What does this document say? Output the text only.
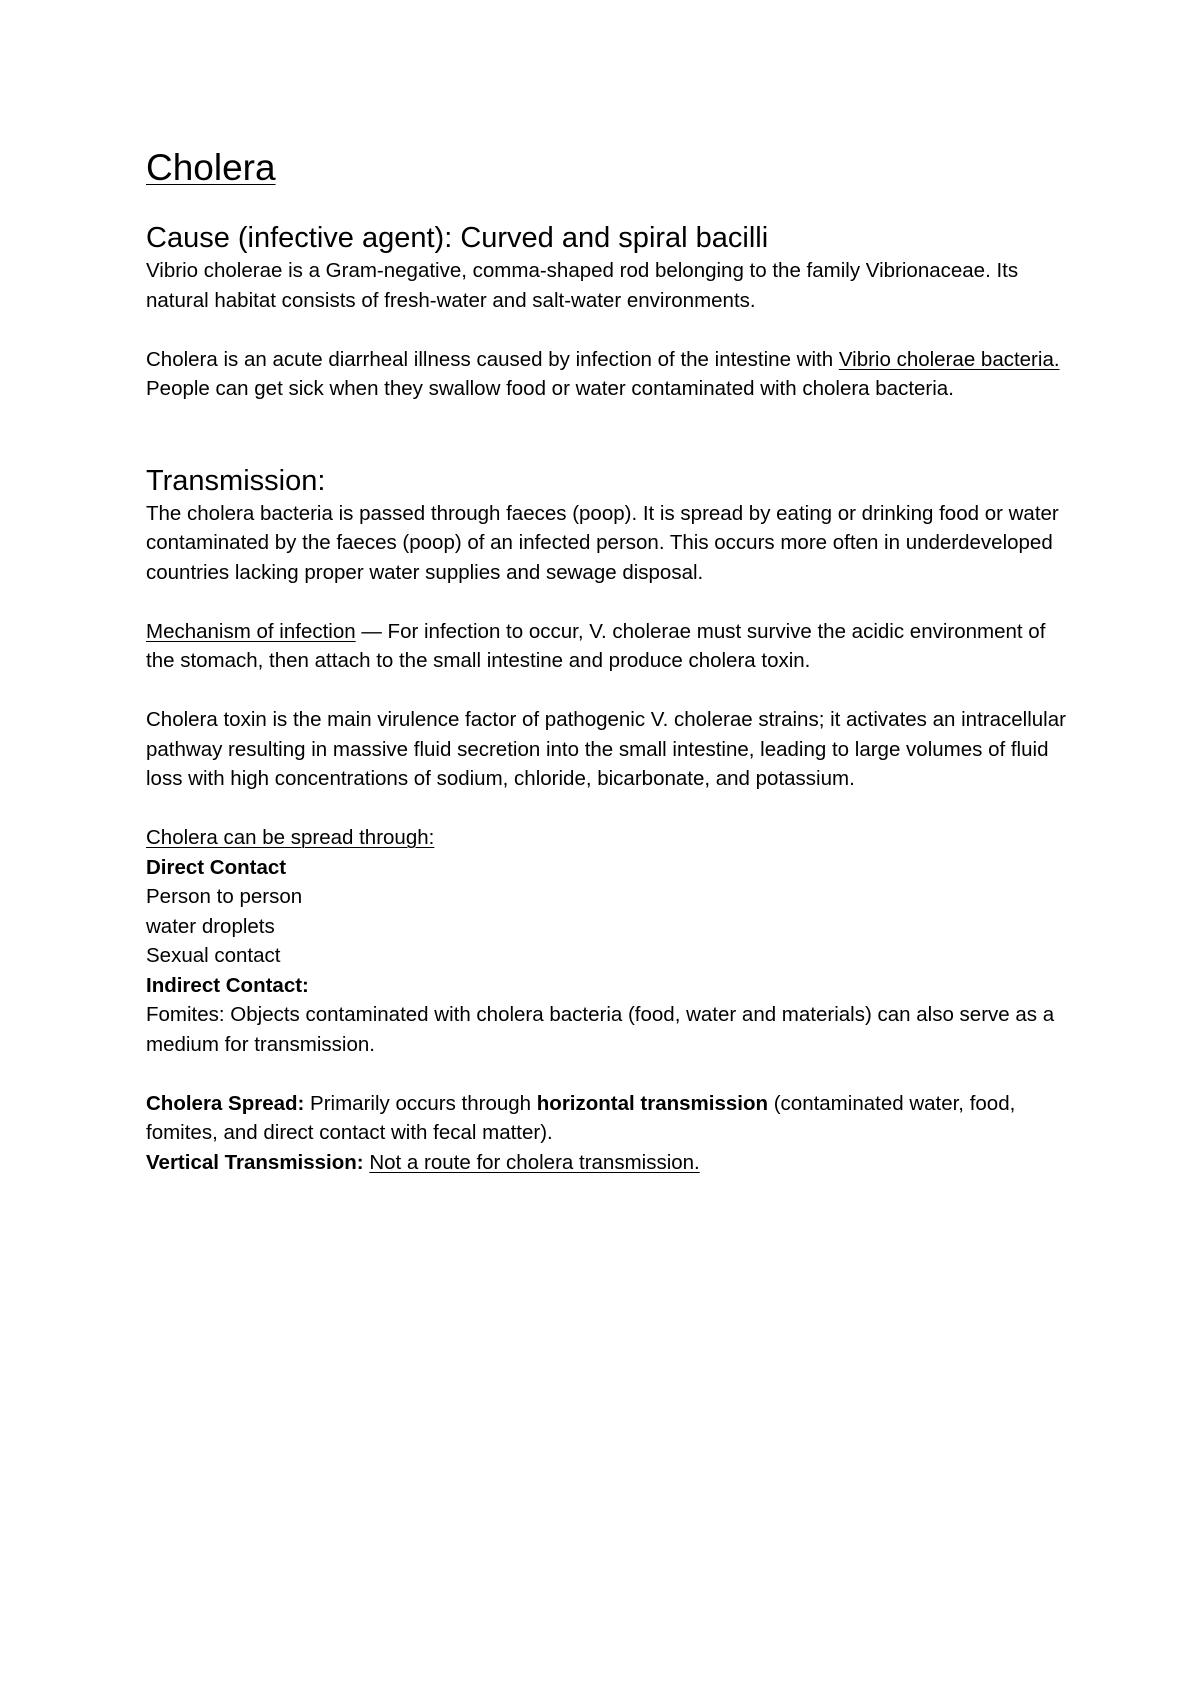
Cholera
Cause (infective agent): Curved and spiral bacilli

Vibrio cholerae is a Gram-negative, comma-shaped rod belonging to the family Vibrionaceae. Its natural habitat consists of fresh-water and salt-water environments.

Cholera is an acute diarrheal illness caused by infection of the intestine with Vibrio cholerae bacteria. People can get sick when they swallow food or water contaminated with cholera bacteria.

Transmission:

The cholera bacteria is passed through faeces (poop). It is spread by eating or drinking food or water contaminated by the faeces (poop) of an infected person. This occurs more often in underdeveloped countries lacking proper water supplies and sewage disposal.

Mechanism of infection — For infection to occur, V. cholerae must survive the acidic environment of the stomach, then attach to the small intestine and produce cholera toxin.

Cholera toxin is the main virulence factor of pathogenic V. cholerae strains; it activates an intracellular pathway resulting in massive fluid secretion into the small intestine, leading to large volumes of fluid loss with high concentrations of sodium, chloride, bicarbonate, and potassium.

Cholera can be spread through:

Direct Contact

Person to person

water droplets

Sexual contact

Indirect Contact:

Fomites: Objects contaminated with cholera bacteria (food, water and materials) can also serve as a medium for transmission.

Cholera Spread: Primarily occurs through horizontal transmission (contaminated water, food, fomites, and direct contact with fecal matter).

Vertical Transmission: Not a route for cholera transmission.
